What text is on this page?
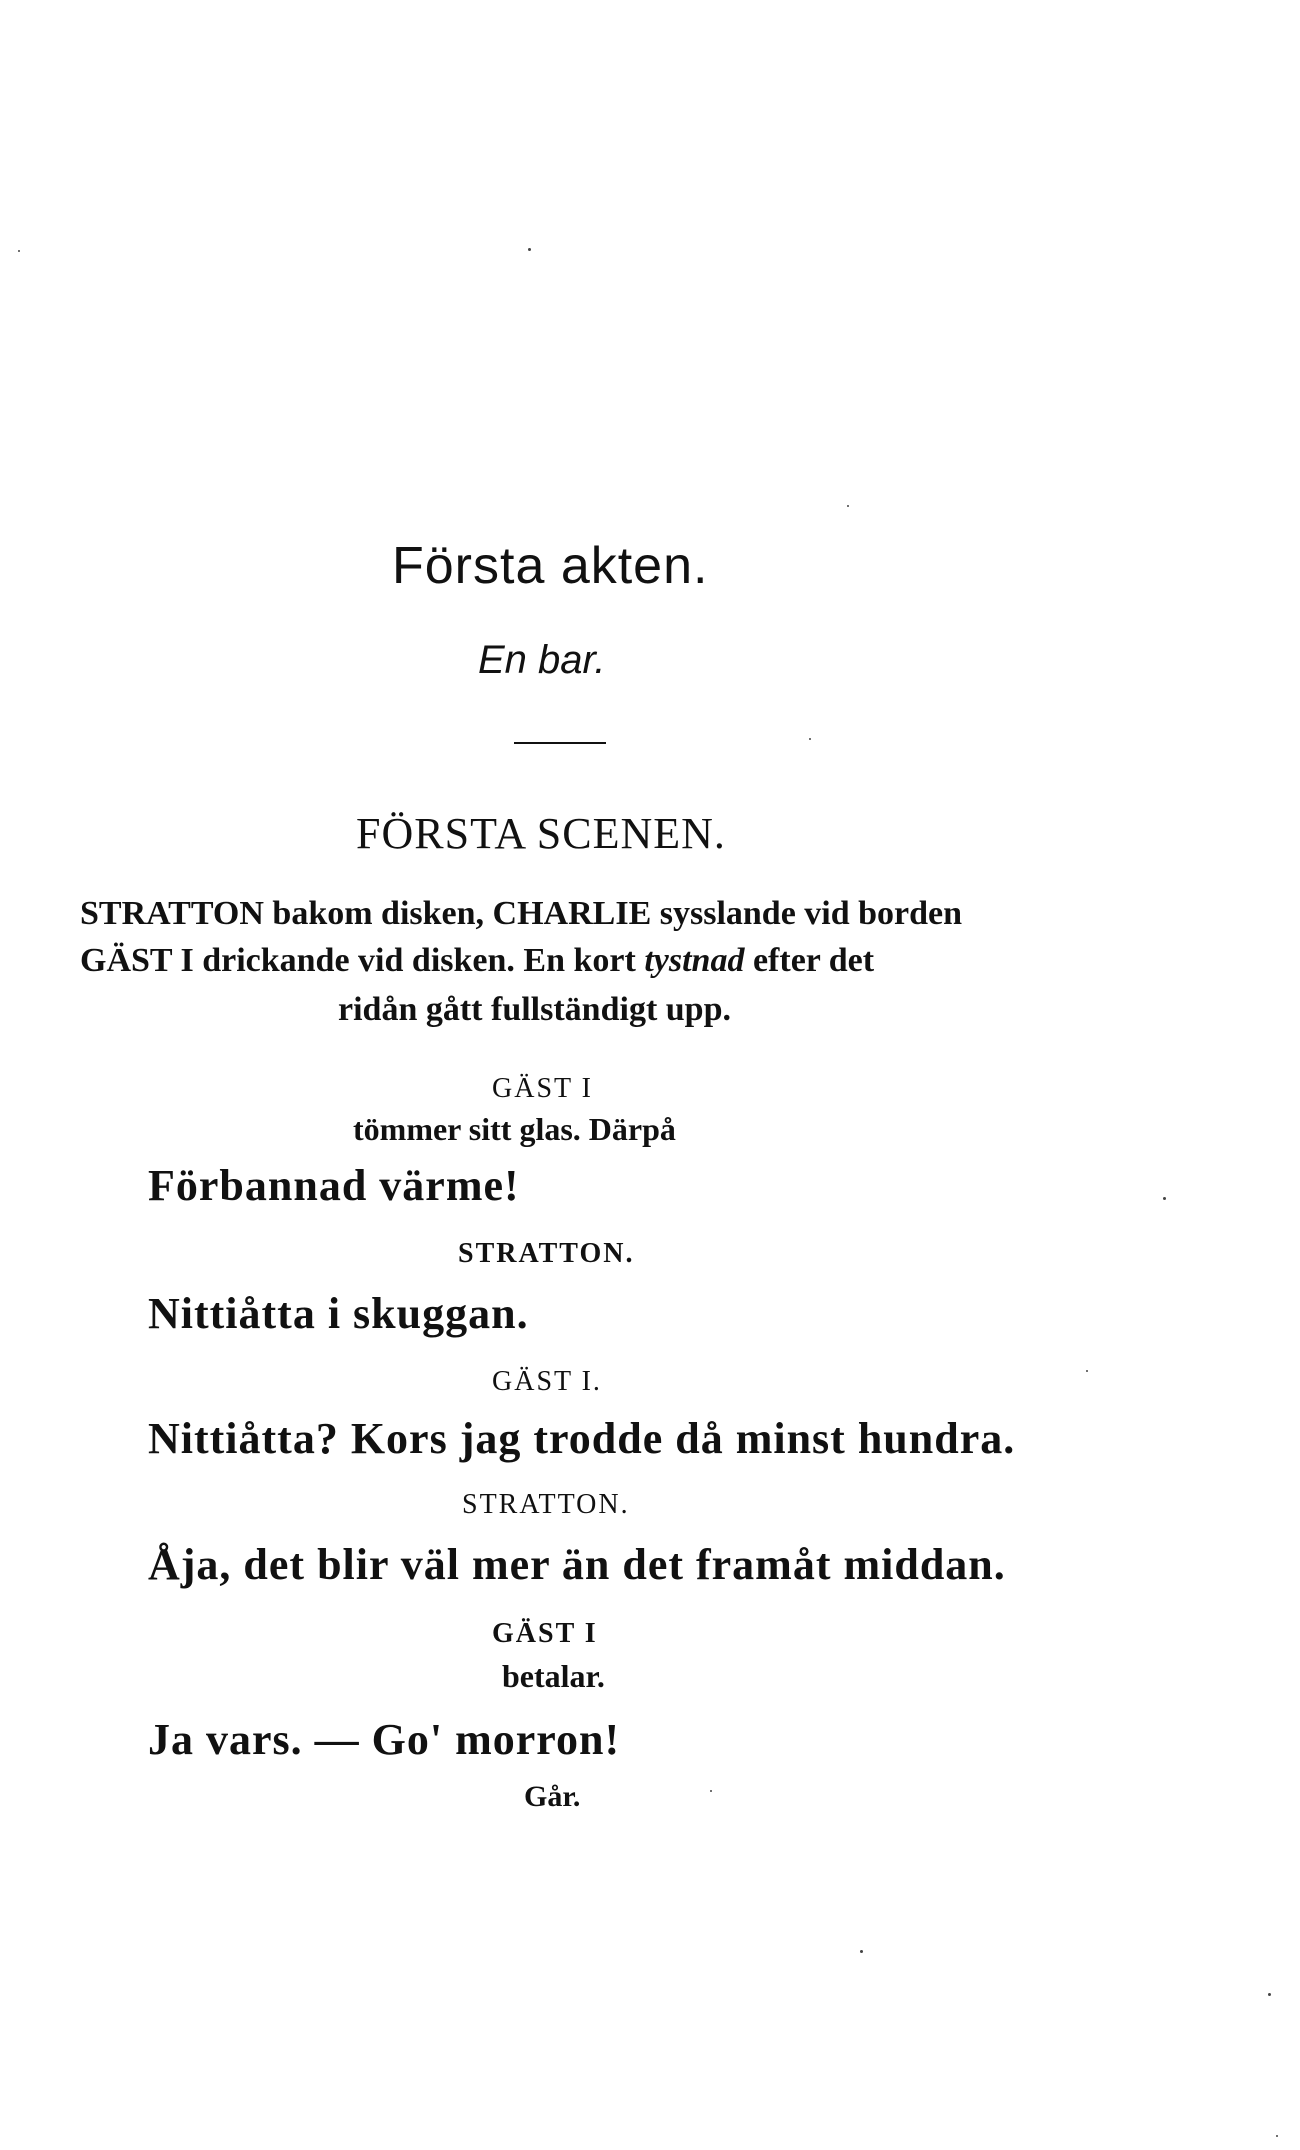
Första akten.
En bar.
FÖRSTA SCENEN.
STRATTON bakom disken, CHARLIE sysslande vid borden
GÄST I drickande vid disken. En kort tystnad efter det
ridån gått fullständigt upp.
GÄST I
tömmer sitt glas. Därpå
Förbannad värme!
STRATTON.
Nittiåtta i skuggan.
GÄST I.
Nittiåtta? Kors jag trodde då minst hundra.
STRATTON.
Åja, det blir väl mer än det framåt middan.
GÄST I
betalar.
Ja vars. — Go' morron!
Går.
